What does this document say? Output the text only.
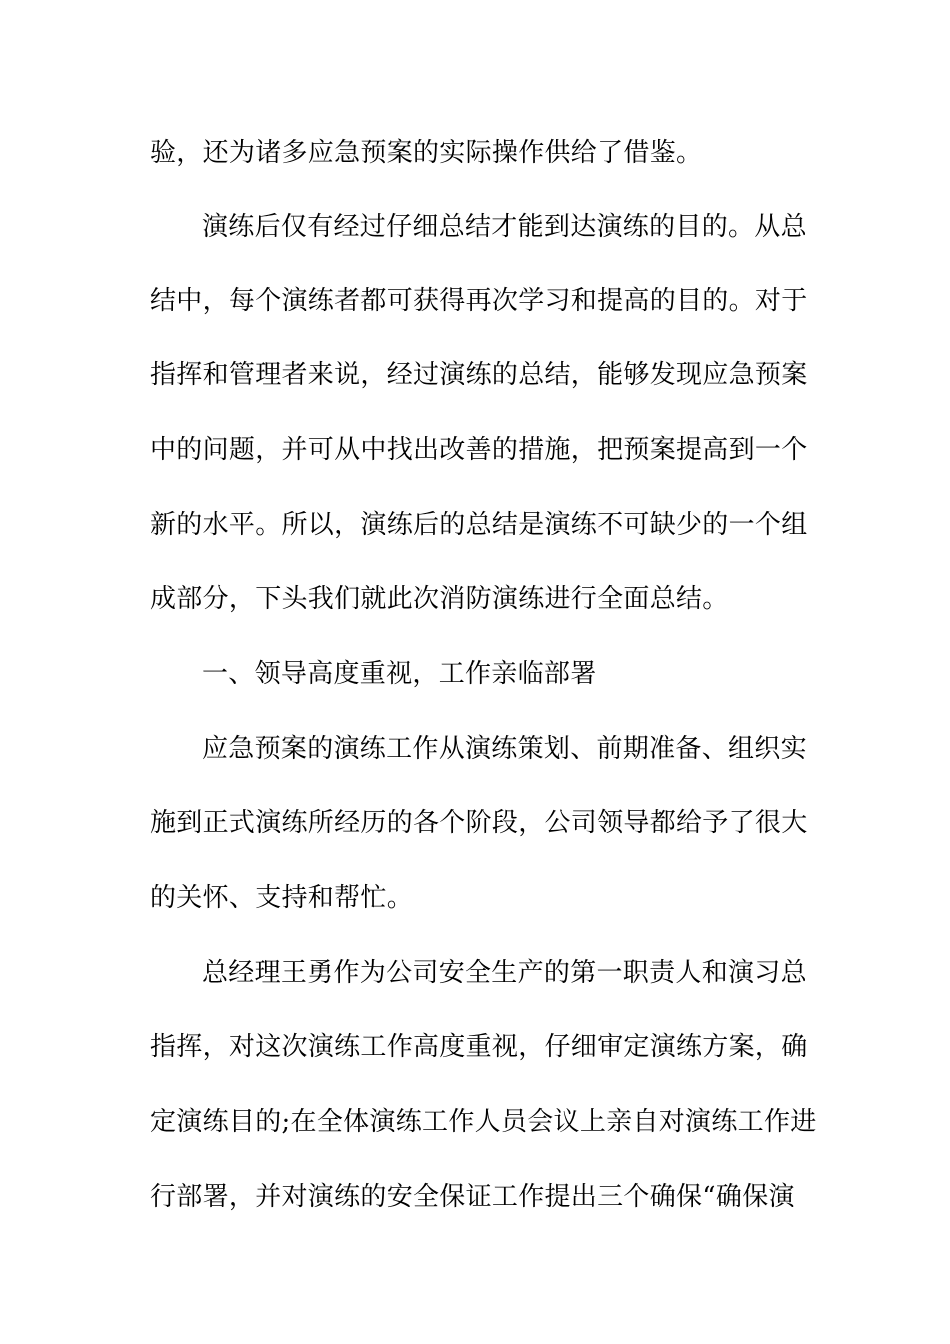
验，还为诸多应急预案的实际操作供给了借鉴。
演练后仅有经过仔细总结才能到达演练的目的。从总
结中，每个演练者都可获得再次学习和提高的目的。对于
指挥和管理者来说，经过演练的总结，能够发现应急预案
中的问题，并可从中找出改善的措施，把预案提高到一个
新的水平。所以，演练后的总结是演练不可缺少的一个组
成部分，下头我们就此次消防演练进行全面总结。
一、领导高度重视，工作亲临部署
应急预案的演练工作从演练策划、前期准备、组织实
施到正式演练所经历的各个阶段，公司领导都给予了很大
的关怀、支持和帮忙。
总经理王勇作为公司安全生产的第一职责人和演习总
指挥，对这次演练工作高度重视，仔细审定演练方案，确
定演练目的;在全体演练工作人员会议上亲自对演练工作进
行部署，并对演练的安全保证工作提出三个确保“确保演
